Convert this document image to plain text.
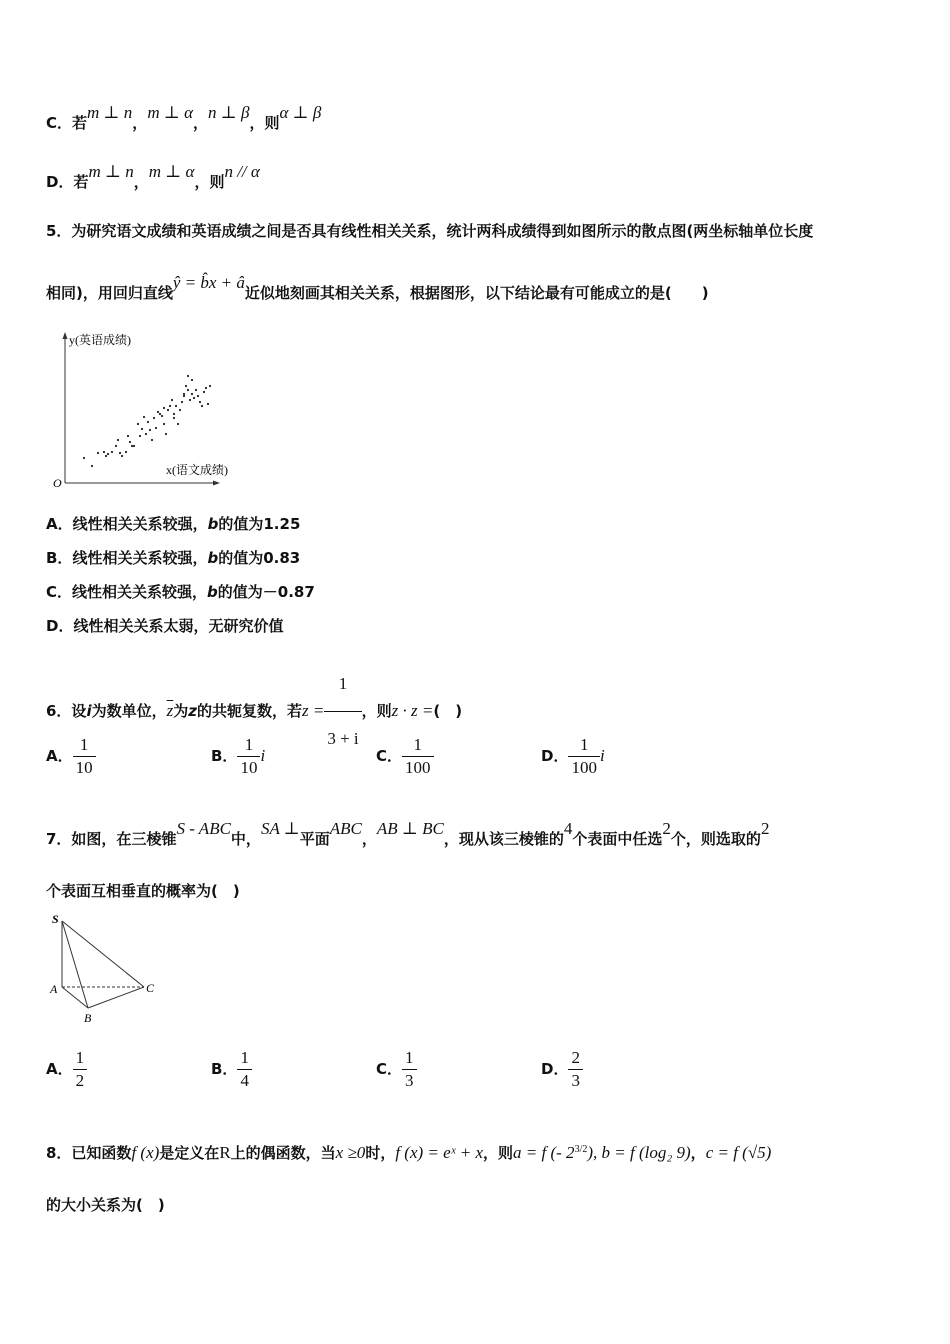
C．若m ⊥ n，m ⊥ α，n ⊥ β，则α ⊥ β
D．若m ⊥ n，m ⊥ α，则n // α
5．为研究语文成绩和英语成绩之间是否具有线性相关关系，统计两科成绩得到如图所示的散点图(两坐标轴单位长度
相同)，用回归直线ŷ = b̂x + â近似地刻画其相关关系，根据图形，以下结论最有可能成立的是(　　)
y(英语成绩)
x(语文成绩)
O
A．线性相关关系较强，b的值为1.25
B．线性相关关系较强，b的值为0.83
C．线性相关关系较强，b的值为－0.87
D．线性相关关系太弱，无研究价值
6．设i为数单位，$\overline{z}$为z的共轭复数，若$z = \frac{1}{3 + i}$ ，则z · z =(　)
A． $\frac{1}{10}$	B． $\frac{1}{10}$ i	C． $\frac{1}{100}$	D． $\frac{1}{100}$ i
7．如图，在三棱锥S - ABC中，SA ⊥平面ABC，AB ⊥ BC，现从该三棱锥的4个表面中任选2个，则选取的2
个表面互相垂直的概率为(　)
S
A
B
C
A． $\frac{1}{2}$	B． $\frac{1}{4}$	C． $\frac{1}{3}$	D． $\frac{2}{3}$
8．已知函数f (x)是定义在R上的偶函数，当x ≥0时，f (x) = eˣ + x，则a = f (- $2^{3/2}$), b = f (log₂ 9)，c = f (√5)
的大小关系为(　)
